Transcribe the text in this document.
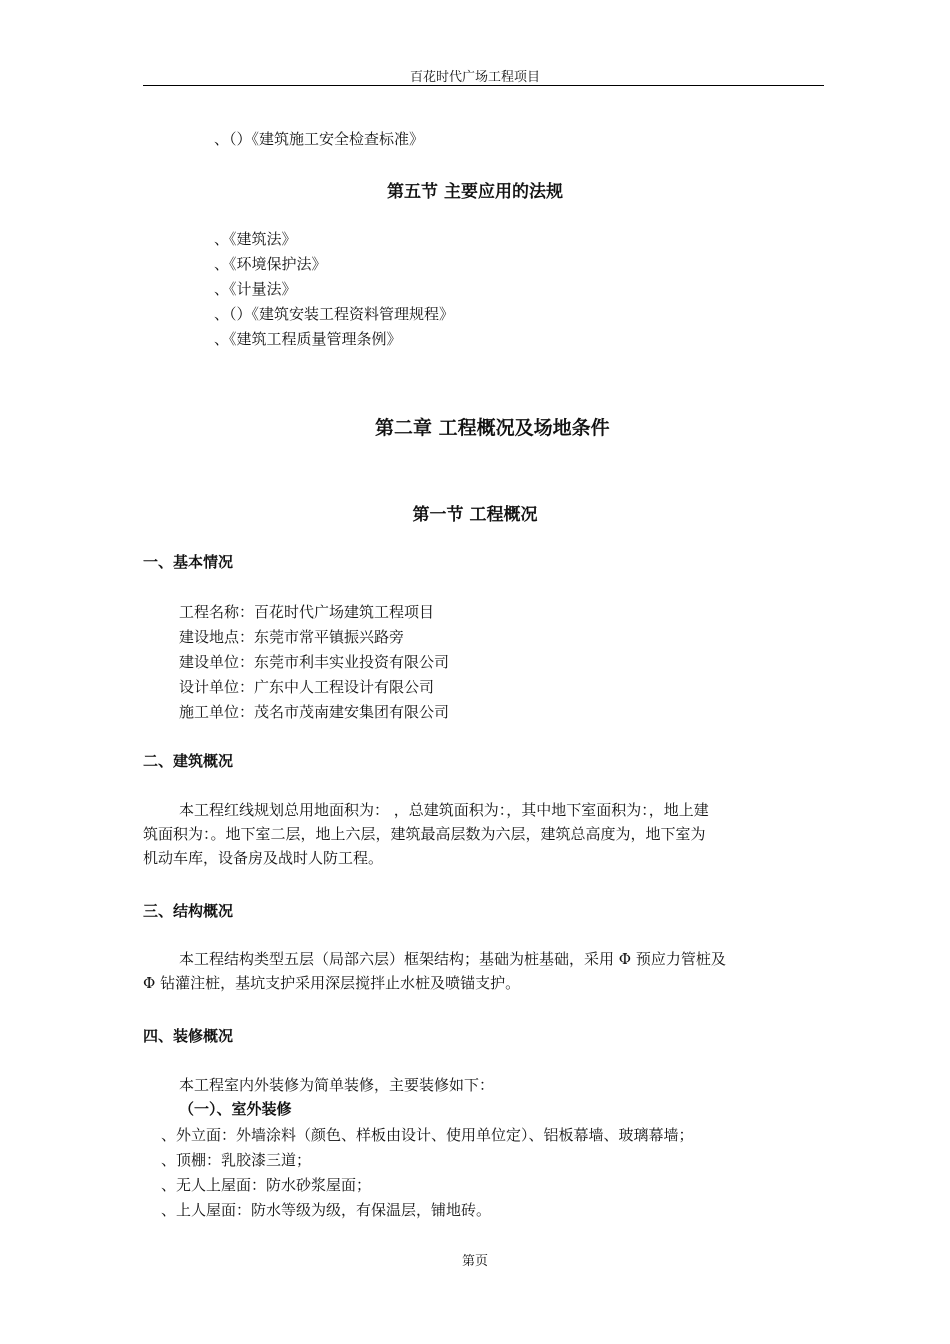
百花时代广场工程项目
、（）《建筑施工安全检查标准》
第五节 主要应用的法规
、《建筑法》
、《环境保护法》
、《计量法》
、（）《建筑安装工程资料管理规程》
、《建筑工程质量管理条例》
第二章 工程概况及场地条件
第一节 工程概况
一、基本情况
工程名称：百花时代广场建筑工程项目
建设地点：东莞市常平镇振兴路旁
建设单位：东莞市利丰实业投资有限公司
设计单位：广东中人工程设计有限公司
施工单位：茂名市茂南建安集团有限公司
二、建筑概况
本工程红线规划总用地面积为： ，总建筑面积为：，其中地下室面积为：，地上建
筑面积为：。地下室二层，地上六层，建筑最高层数为六层，建筑总高度为，地下室为
机动车库，设备房及战时人防工程。
三、结构概况
本工程结构类型五层（局部六层）框架结构；基础为桩基础，采用 Φ 预应力管桩及
Φ 钻灌注桩，基坑支护采用深层搅拌止水桩及喷锚支护。
四、装修概况
本工程室内外装修为简单装修，主要装修如下：
（一）、室外装修
、外立面：外墙涂料（颜色、样板由设计、使用单位定）、铝板幕墙、玻璃幕墙；
、顶棚：乳胶漆三道；
、无人上屋面：防水砂浆屋面；
、上人屋面：防水等级为级，有保温层，铺地砖。
第页
